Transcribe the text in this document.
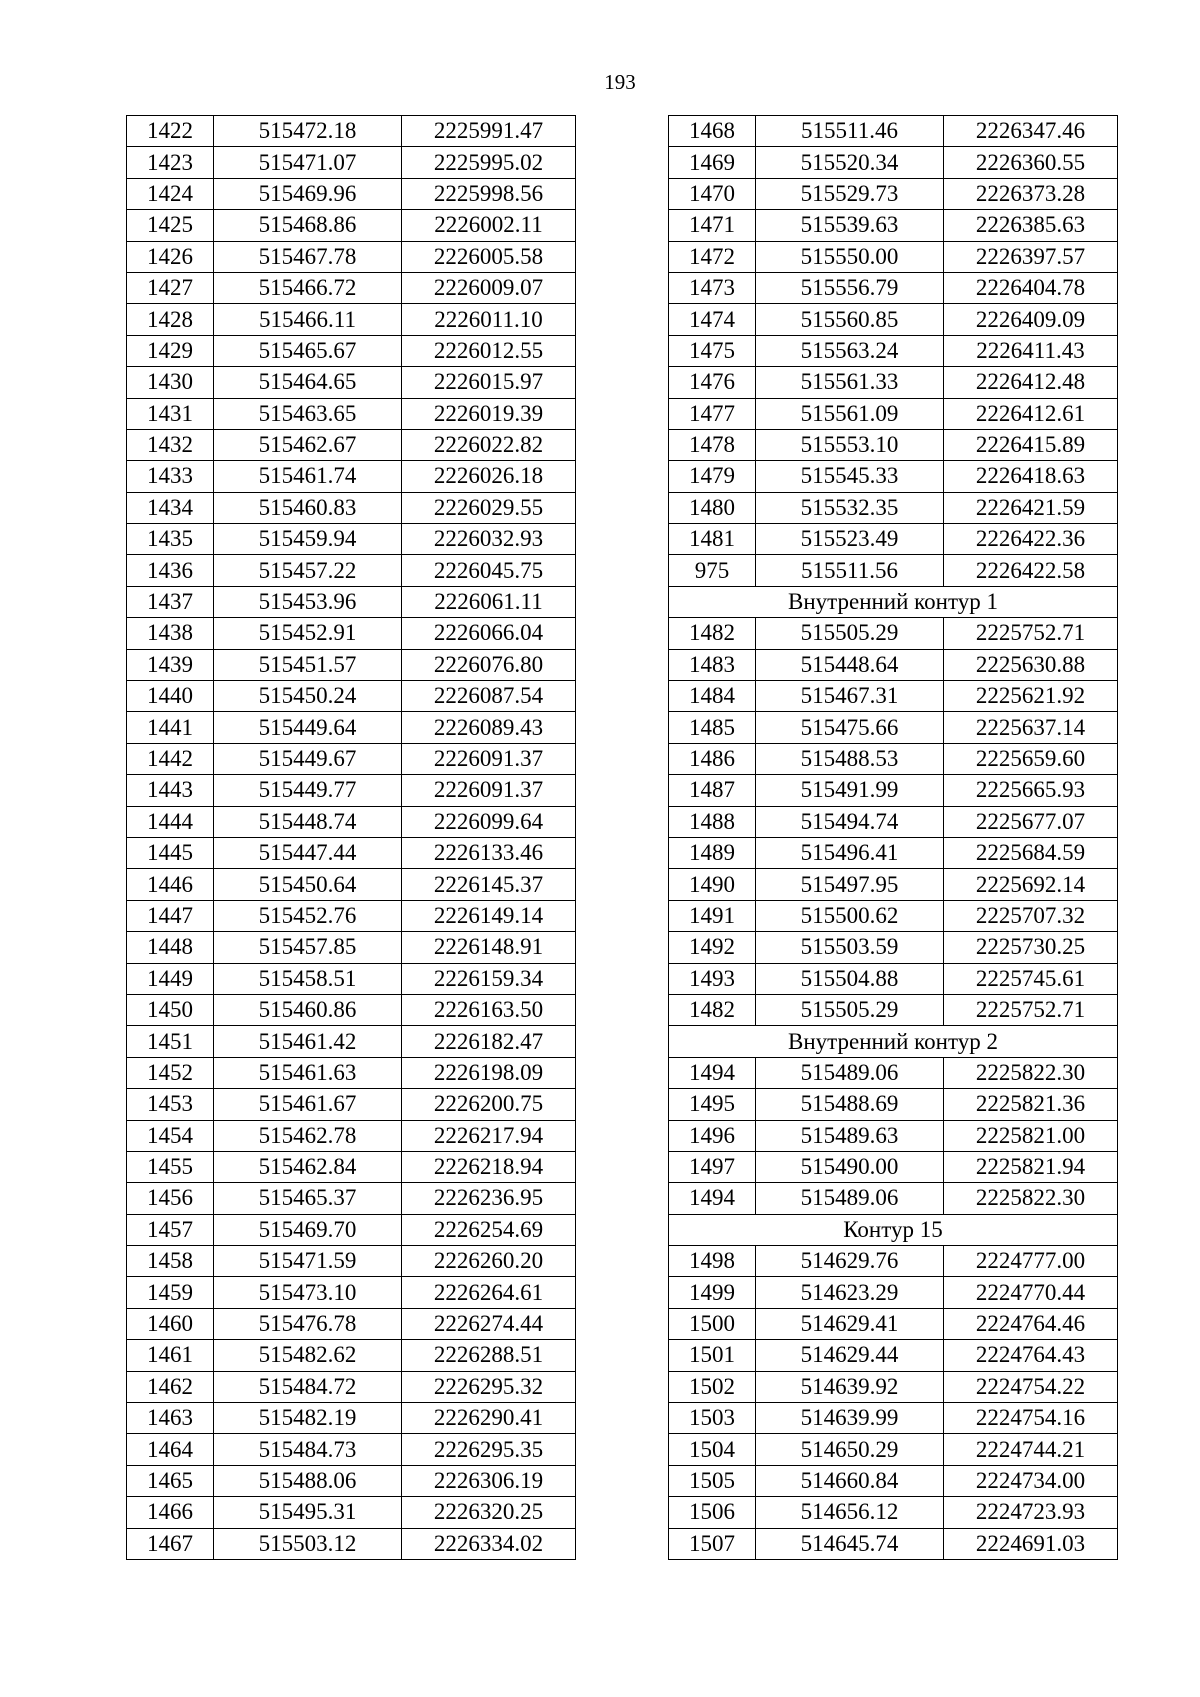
193
1422	515472.18	2225991.47
1423	515471.07	2225995.02
1424	515469.96	2225998.56
1425	515468.86	2226002.11
1426	515467.78	2226005.58
1427	515466.72	2226009.07
1428	515466.11	2226011.10
1429	515465.67	2226012.55
1430	515464.65	2226015.97
1431	515463.65	2226019.39
1432	515462.67	2226022.82
1433	515461.74	2226026.18
1434	515460.83	2226029.55
1435	515459.94	2226032.93
1436	515457.22	2226045.75
1437	515453.96	2226061.11
1438	515452.91	2226066.04
1439	515451.57	2226076.80
1440	515450.24	2226087.54
1441	515449.64	2226089.43
1442	515449.67	2226091.37
1443	515449.77	2226091.37
1444	515448.74	2226099.64
1445	515447.44	2226133.46
1446	515450.64	2226145.37
1447	515452.76	2226149.14
1448	515457.85	2226148.91
1449	515458.51	2226159.34
1450	515460.86	2226163.50
1451	515461.42	2226182.47
1452	515461.63	2226198.09
1453	515461.67	2226200.75
1454	515462.78	2226217.94
1455	515462.84	2226218.94
1456	515465.37	2226236.95
1457	515469.70	2226254.69
1458	515471.59	2226260.20
1459	515473.10	2226264.61
1460	515476.78	2226274.44
1461	515482.62	2226288.51
1462	515484.72	2226295.32
1463	515482.19	2226290.41
1464	515484.73	2226295.35
1465	515488.06	2226306.19
1466	515495.31	2226320.25
1467	515503.12	2226334.02
1468	515511.46	2226347.46
1469	515520.34	2226360.55
1470	515529.73	2226373.28
1471	515539.63	2226385.63
1472	515550.00	2226397.57
1473	515556.79	2226404.78
1474	515560.85	2226409.09
1475	515563.24	2226411.43
1476	515561.33	2226412.48
1477	515561.09	2226412.61
1478	515553.10	2226415.89
1479	515545.33	2226418.63
1480	515532.35	2226421.59
1481	515523.49	2226422.36
975	515511.56	2226422.58
Внутренний контур 1		
1482	515505.29	2225752.71
1483	515448.64	2225630.88
1484	515467.31	2225621.92
1485	515475.66	2225637.14
1486	515488.53	2225659.60
1487	515491.99	2225665.93
1488	515494.74	2225677.07
1489	515496.41	2225684.59
1490	515497.95	2225692.14
1491	515500.62	2225707.32
1492	515503.59	2225730.25
1493	515504.88	2225745.61
1482	515505.29	2225752.71
Внутренний контур 2		
1494	515489.06	2225822.30
1495	515488.69	2225821.36
1496	515489.63	2225821.00
1497	515490.00	2225821.94
1494	515489.06	2225822.30
Контур 15		
1498	514629.76	2224777.00
1499	514623.29	2224770.44
1500	514629.41	2224764.46
1501	514629.44	2224764.43
1502	514639.92	2224754.22
1503	514639.99	2224754.16
1504	514650.29	2224744.21
1505	514660.84	2224734.00
1506	514656.12	2224723.93
1507	514645.74	2224691.03
